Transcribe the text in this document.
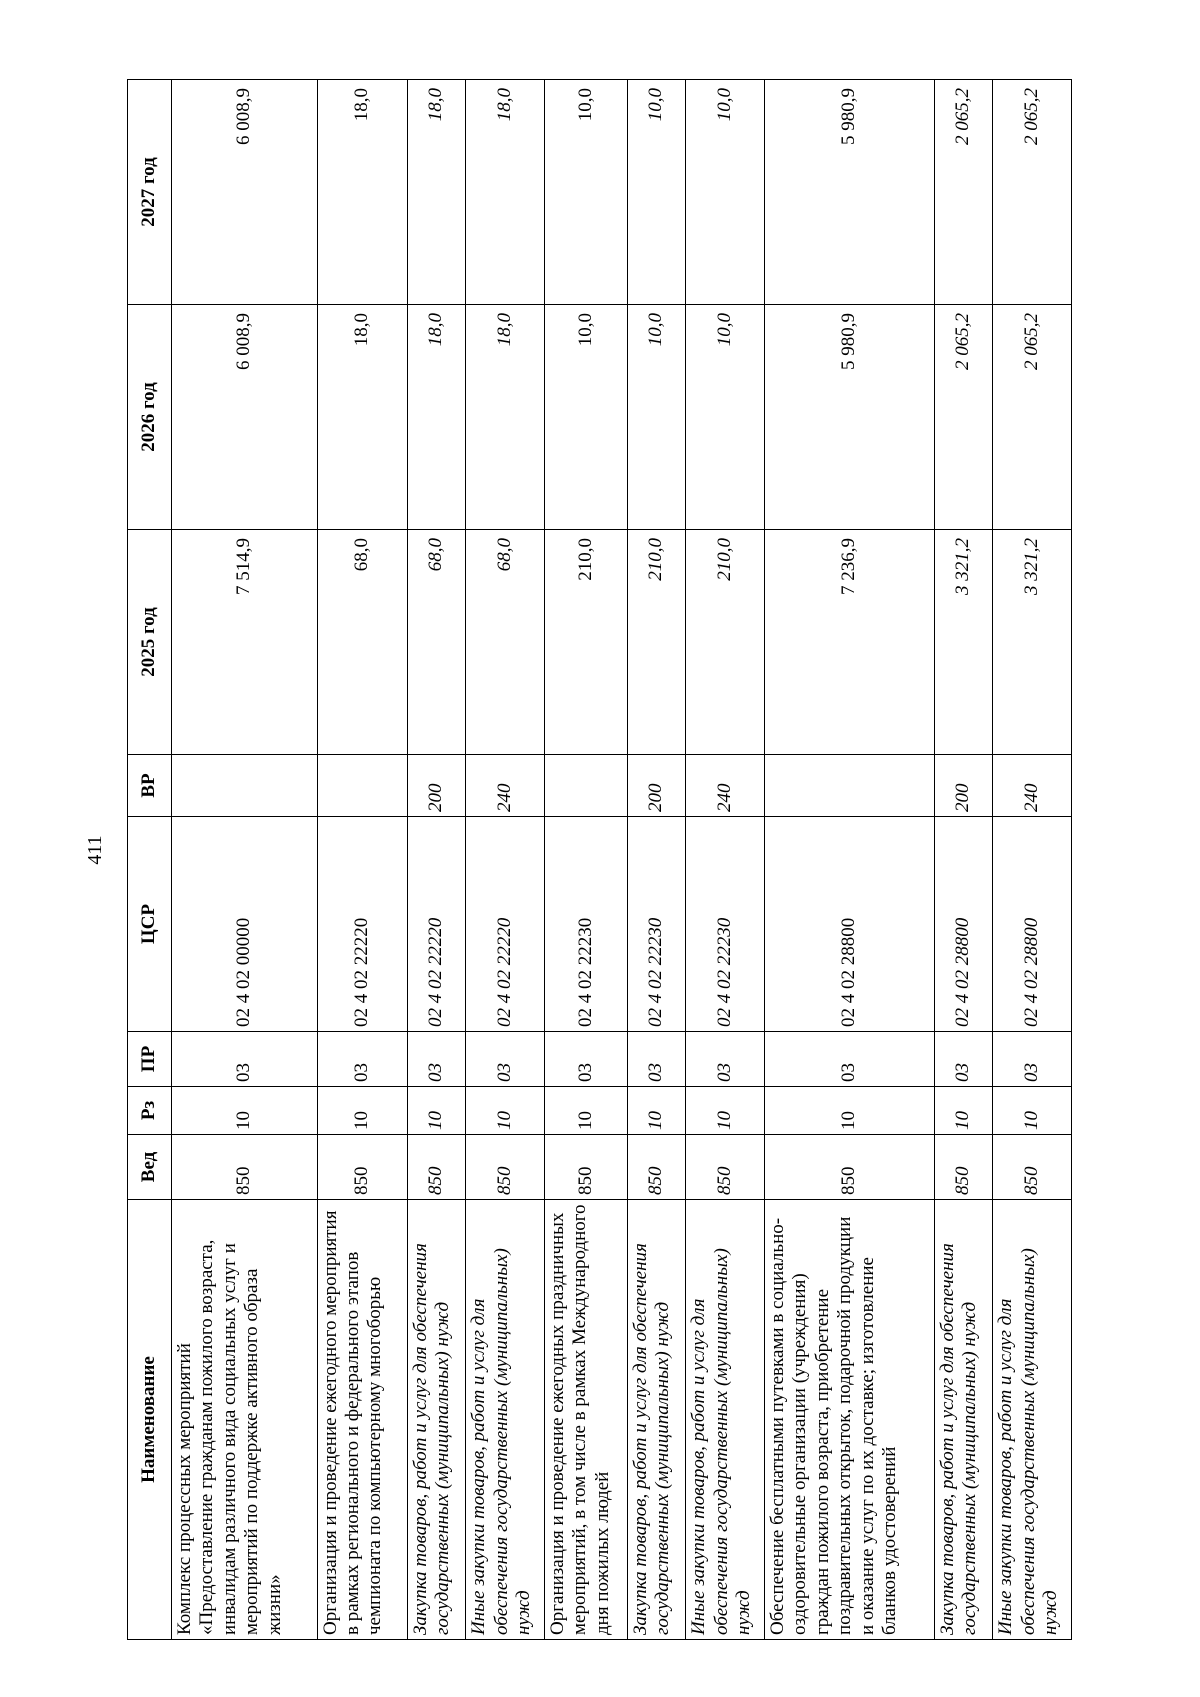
411
Наименование	Вед	Рз	ПР	ЦСР	ВР	2025 год	2026 год	2027 год
Комплекс процессных мероприятий «Предоставление гражданам пожилого возраста, инвалидам различного вида социальных услуг и мероприятий по поддержке активного образа жизни»	850	10	03	02 4 02 00000		7 514,9	6 008,9	6 008,9
Организация и проведение ежегодного мероприятия в рамках регионального и федерального этапов чемпионата по компьютерному многоборью	850	10	03	02 4 02 22220		68,0	18,0	18,0
Закупка товаров, работ и услуг для обеспечения государственных (муниципальных) нужд	850	10	03	02 4 02 22220	200	68,0	18,0	18,0
Иные закупки товаров, работ и услуг для обеспечения государственных (муниципальных) нужд	850	10	03	02 4 02 22220	240	68,0	18,0	18,0
Организация и проведение ежегодных праздничных мероприятий, в том числе в рамках Международного дня пожилых людей	850	10	03	02 4 02 22230		210,0	10,0	10,0
Закупка товаров, работ и услуг для обеспечения государственных (муниципальных) нужд	850	10	03	02 4 02 22230	200	210,0	10,0	10,0
Иные закупки товаров, работ и услуг для обеспечения государственных (муниципальных) нужд	850	10	03	02 4 02 22230	240	210,0	10,0	10,0
Обеспечение бесплатными путевками в социально-оздоровительные организации (учреждения) граждан пожилого возраста, приобретение поздравительных открыток, подарочной продукции и оказание услуг по их доставке; изготовление бланков удостоверений	850	10	03	02 4 02 28800		7 236,9	5 980,9	5 980,9
Закупка товаров, работ и услуг для обеспечения государственных (муниципальных) нужд	850	10	03	02 4 02 28800	200	3 321,2	2 065,2	2 065,2
Иные закупки товаров, работ и услуг для обеспечения государственных (муниципальных) нужд	850	10	03	02 4 02 28800	240	3 321,2	2 065,2	2 065,2
